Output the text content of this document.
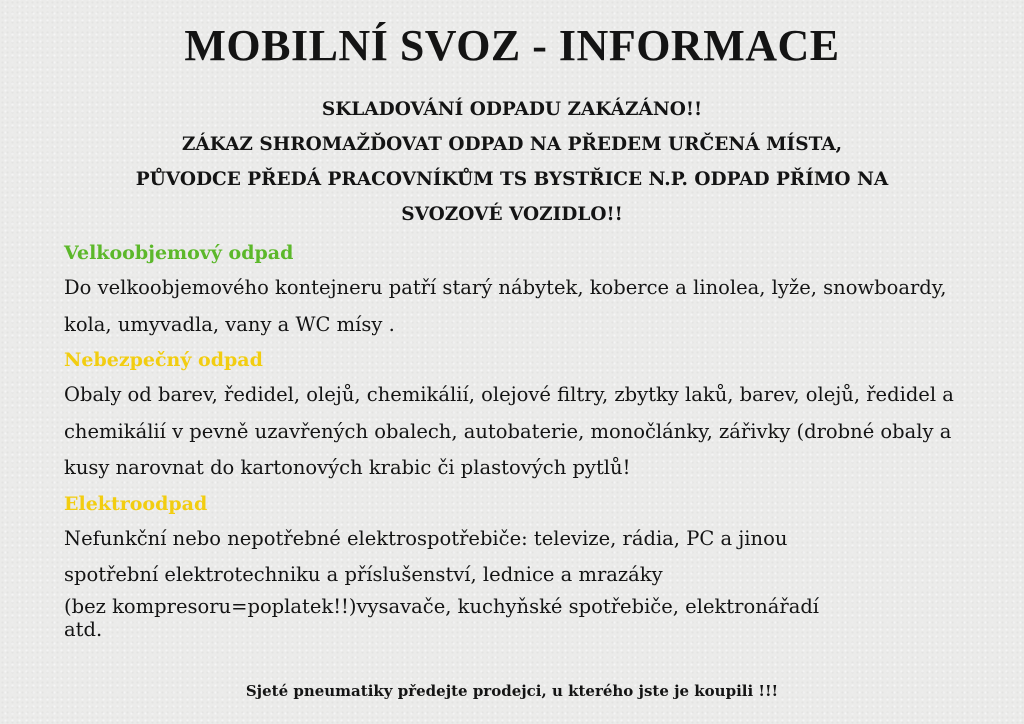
MOBILNÍ SVOZ - INFORMACE
SKLADOVÁNÍ ODPADU ZAKÁZÁNO!!
ZÁKAZ SHROMAŽĎOVAT ODPAD NA PŘEDEM URČENÁ MÍSTA,
PŮVODCE PŘEDÁ PRACOVNÍKŮM TS BYSTŘICE N.P. ODPAD PŘÍMO NA
SVOZOVÉ VOZIDLO!!

Velkoobjemový odpad

Do velkoobjemového kontejneru patří starý nábytek, koberce a linolea, lyže, snowboardy, kola, umyvadla, vany a WC mísy .

Nebezpečný odpad

Obaly od barev, ředidel, olejů, chemikálií, olejové filtry, zbytky laků, barev, olejů, ředidel a chemikálií v pevně uzavřených obalech, autobaterie, monočlánky, zářivky (drobné obaly a kusy narovnat do kartonových krabic či plastových pytlů!

Elektroodpad

Nefunkční nebo nepotřebné elektrospotřebiče: televize, rádia, PC a jinou
spotřební elektrotechniku a příslušenství, lednice a mrazáky
(bez kompresoru=poplatek!!)vysavače, kuchyňské spotřebiče, elektronářadí
atd.

Sjeté pneumatiky předejte prodejci, u kterého jste je koupili !!!
